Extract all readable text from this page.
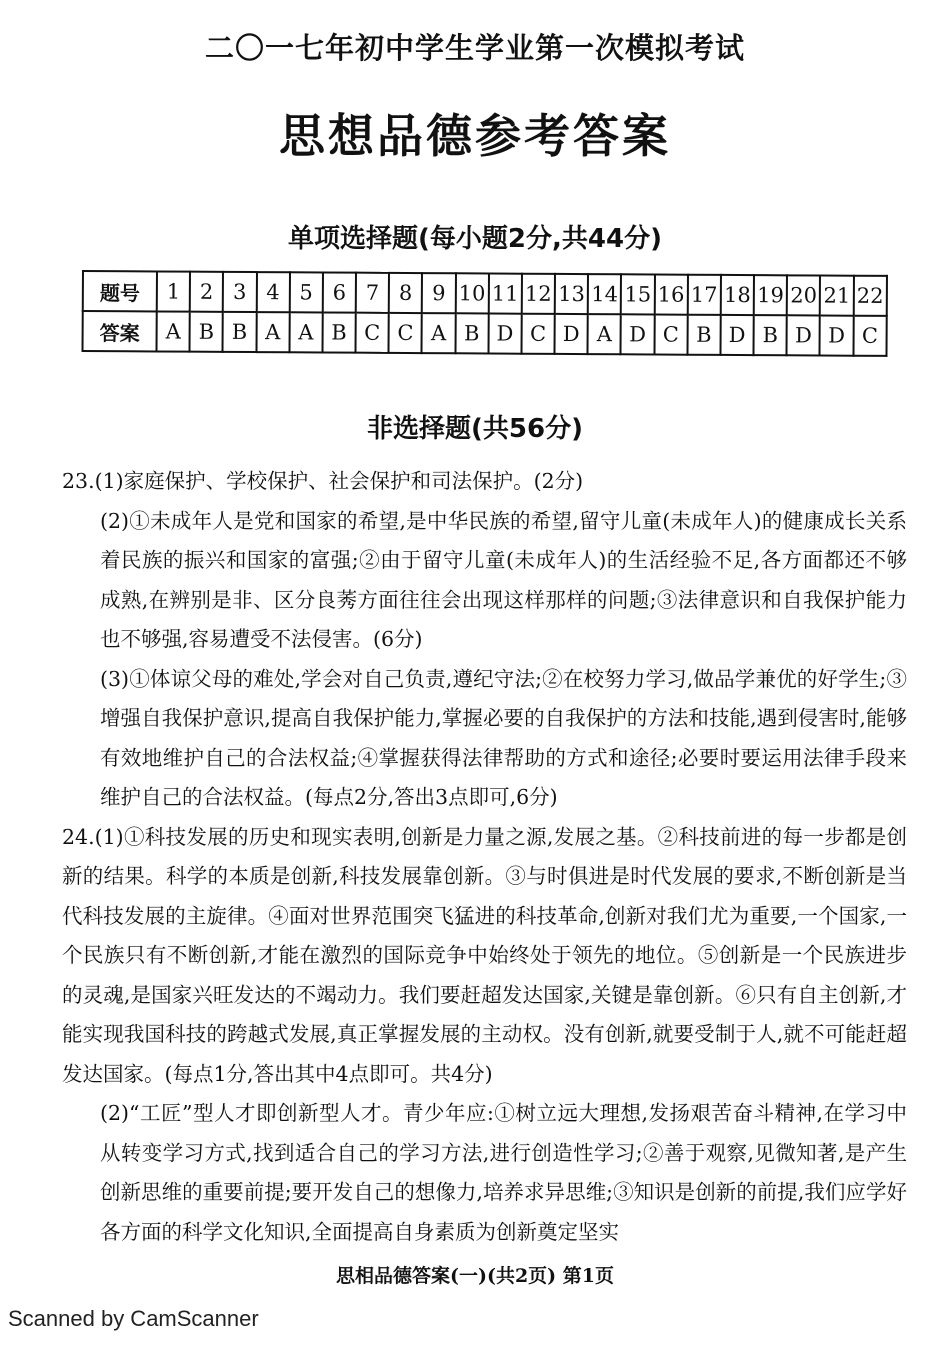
二〇一七年初中学生学业第一次模拟考试
思想品德参考答案
单项选择题(每小题2分,共44分)
题号	1	2	3	4	5	6	7	8	9	10	11	12	13	14	15	16	17	18	19	20	21	22
答案	A	B	B	A	A	B	C	C	A	B	D	C	D	A	D	C	B	D	B	D	D	C
非选择题(共56分)

23.(1)家庭保护、学校保护、社会保护和司法保护。(2分)

(2)①未成年人是党和国家的希望,是中华民族的希望,留守儿童(未成年人)的健康成长关系着民族的振兴和国家的富强;②由于留守儿童(未成年人)的生活经验不足,各方面都还不够成熟,在辨别是非、区分良莠方面往往会出现这样那样的问题;③法律意识和自我保护能力也不够强,容易遭受不法侵害。(6分)

(3)①体谅父母的难处,学会对自己负责,遵纪守法;②在校努力学习,做品学兼优的好学生;③增强自我保护意识,提高自我保护能力,掌握必要的自我保护的方法和技能,遇到侵害时,能够有效地维护自己的合法权益;④掌握获得法律帮助的方式和途径;必要时要运用法律手段来维护自己的合法权益。(每点2分,答出3点即可,6分)

24.(1)①科技发展的历史和现实表明,创新是力量之源,发展之基。②科技前进的每一步都是创新的结果。科学的本质是创新,科技发展靠创新。③与时俱进是时代发展的要求,不断创新是当代科技发展的主旋律。④面对世界范围突飞猛进的科技革命,创新对我们尤为重要,一个国家,一个民族只有不断创新,才能在激烈的国际竞争中始终处于领先的地位。⑤创新是一个民族进步的灵魂,是国家兴旺发达的不竭动力。我们要赶超发达国家,关键是靠创新。⑥只有自主创新,才能实现我国科技的跨越式发展,真正掌握发展的主动权。没有创新,就要受制于人,就不可能赶超发达国家。(每点1分,答出其中4点即可。共4分)

(2)“工匠”型人才即创新型人才。青少年应:①树立远大理想,发扬艰苦奋斗精神,在学习中从转变学习方式,找到适合自己的学习方法,进行创造性学习;②善于观察,见微知著,是产生创新思维的重要前提;要开发自己的想像力,培养求异思维;③知识是创新的前提,我们应学好各方面的科学文化知识,全面提高自身素质为创新奠定坚实

思相品德答案(一)(共2页) 第1页
Scanned by CamScanner
